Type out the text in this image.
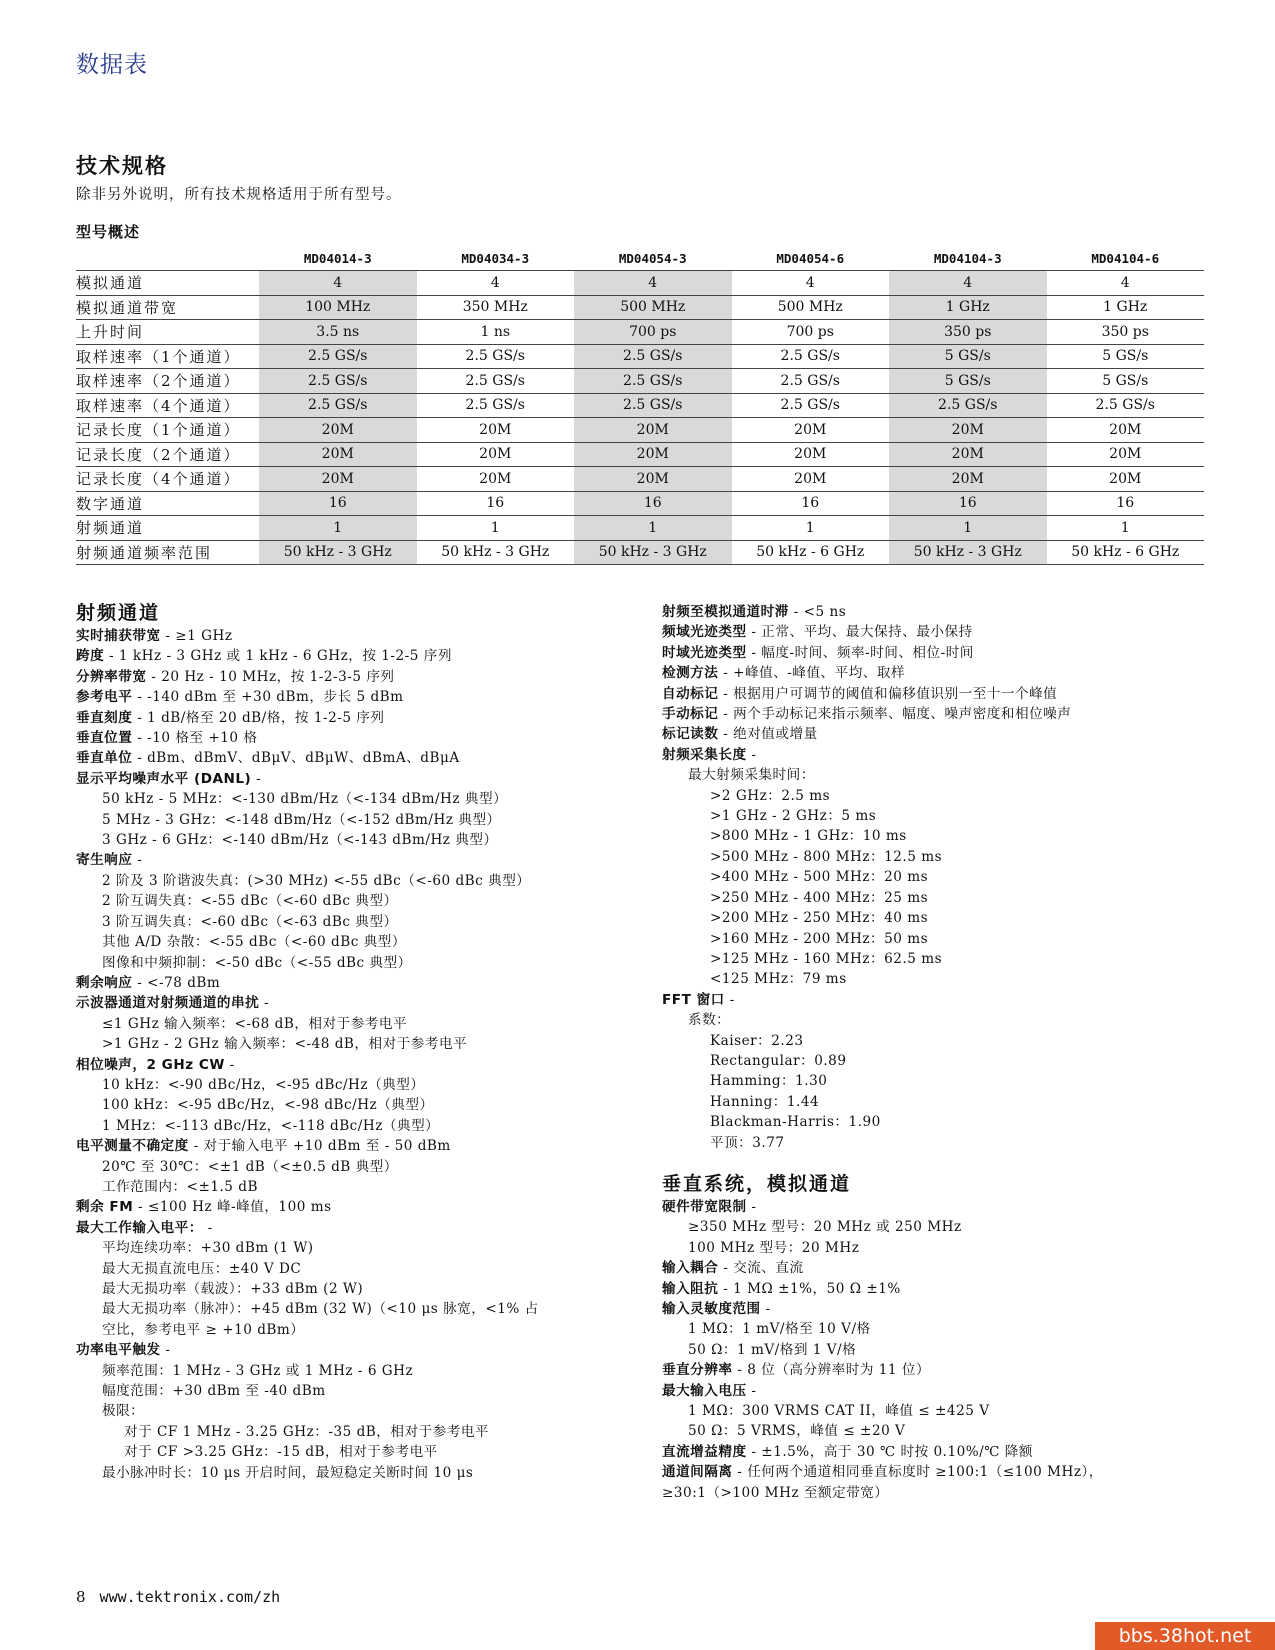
数据表
技术规格
除非另外说明，所有技术规格适用于所有型号。
型号概述
	MD04014-3	MD04034-3	MD04054-3	MD04054-6	MD04104-3	MD04104-6
模拟通道	4	4	4	4	4	4
模拟通道带宽	100 MHz	350 MHz	500 MHz	500 MHz	1 GHz	1 GHz
上升时间	3.5 ns	1 ns	700 ps	700 ps	350 ps	350 ps
取样速率（1个通道）	2.5 GS/s	2.5 GS/s	2.5 GS/s	2.5 GS/s	5 GS/s	5 GS/s
取样速率（2个通道）	2.5 GS/s	2.5 GS/s	2.5 GS/s	2.5 GS/s	5 GS/s	5 GS/s
取样速率（4个通道）	2.5 GS/s	2.5 GS/s	2.5 GS/s	2.5 GS/s	2.5 GS/s	2.5 GS/s
记录长度（1个通道）	20M	20M	20M	20M	20M	20M
记录长度（2个通道）	20M	20M	20M	20M	20M	20M
记录长度（4个通道）	20M	20M	20M	20M	20M	20M
数字通道	16	16	16	16	16	16
射频通道	1	1	1	1	1	1
射频通道频率范围	50 kHz - 3 GHz	50 kHz - 3 GHz	50 kHz - 3 GHz	50 kHz - 6 GHz	50 kHz - 3 GHz	50 kHz - 6 GHz
射频通道
实时捕获带宽 - ≥1 GHz
跨度 - 1 kHz - 3 GHz 或 1 kHz - 6 GHz，按 1-2-5 序列
分辨率带宽 - 20 Hz - 10 MHz，按 1-2-3-5 序列
参考电平 - -140 dBm 至 +30 dBm，步长 5 dBm
垂直刻度 - 1 dB/格至 20 dB/格，按 1-2-5 序列
垂直位置 - -10 格至 +10 格
垂直单位 - dBm、dBmV、dBμV、dBμW、dBmA、dBμA
显示平均噪声水平 (DANL) -
50 kHz - 5 MHz：<-130 dBm/Hz（<-134 dBm/Hz 典型）
5 MHz - 3 GHz：<-148 dBm/Hz（<-152 dBm/Hz 典型）
3 GHz - 6 GHz：<-140 dBm/Hz（<-143 dBm/Hz 典型）
寄生响应 -
2 阶及 3 阶谐波失真：(>30 MHz) <-55 dBc（<-60 dBc 典型）
2 阶互调失真：<-55 dBc（<-60 dBc 典型）
3 阶互调失真：<-60 dBc（<-63 dBc 典型）
其他 A/D 杂散：<-55 dBc（<-60 dBc 典型）
图像和中频抑制：<-50 dBc（<-55 dBc 典型）
剩余响应 - <-78 dBm
示波器通道对射频通道的串扰 -
≤1 GHz 输入频率：<-68 dB，相对于参考电平
>1 GHz - 2 GHz 输入频率：<-48 dB，相对于参考电平
相位噪声，2 GHz CW -
10 kHz：<-90 dBc/Hz，<-95 dBc/Hz（典型）
100 kHz：<-95 dBc/Hz，<-98 dBc/Hz（典型）
1 MHz：<-113 dBc/Hz，<-118 dBc/Hz（典型）
电平测量不确定度 - 对于输入电平 +10 dBm 至 - 50 dBm
20℃ 至 30℃：<±1 dB（<±0.5 dB 典型）
工作范围内：<±1.5 dB
剩余 FM - ≤100 Hz 峰-峰值，100 ms
最大工作输入电平： -
平均连续功率：+30 dBm (1 W)
最大无损直流电压：±40 V DC
最大无损功率（载波）：+33 dBm (2 W)
最大无损功率（脉冲）：+45 dBm (32 W)（<10 μs 脉宽，<1% 占
空比，参考电平 ≥ +10 dBm）
功率电平触发 -
频率范围：1 MHz - 3 GHz 或 1 MHz - 6 GHz
幅度范围：+30 dBm 至 -40 dBm
极限：
对于 CF 1 MHz - 3.25 GHz：-35 dB，相对于参考电平
对于 CF >3.25 GHz：-15 dB，相对于参考电平
最小脉冲时长：10 μs 开启时间，最短稳定关断时间 10 μs
射频至模拟通道时滞 - <5 ns
频域光迹类型 - 正常、平均、最大保持、最小保持
时域光迹类型 - 幅度-时间、频率-时间、相位-时间
检测方法 - +峰值、-峰值、平均、取样
自动标记 - 根据用户可调节的阈值和偏移值识别一至十一个峰值
手动标记 - 两个手动标记来指示频率、幅度、噪声密度和相位噪声
标记读数 - 绝对值或增量
射频采集长度 -
最大射频采集时间：
>2 GHz：2.5 ms
>1 GHz - 2 GHz：5 ms
>800 MHz - 1 GHz：10 ms
>500 MHz - 800 MHz：12.5 ms
>400 MHz - 500 MHz：20 ms
>250 MHz - 400 MHz：25 ms
>200 MHz - 250 MHz：40 ms
>160 MHz - 200 MHz：50 ms
>125 MHz - 160 MHz：62.5 ms
<125 MHz：79 ms
FFT 窗口 -
系数：
Kaiser：2.23
Rectangular：0.89
Hamming：1.30
Hanning：1.44
Blackman-Harris：1.90
平顶：3.77
垂直系统，模拟通道
硬件带宽限制 -
≥350 MHz 型号：20 MHz 或 250 MHz
100 MHz 型号：20 MHz
输入耦合 - 交流、直流
输入阻抗 - 1 MΩ ±1%，50 Ω ±1%
输入灵敏度范围 -
1 MΩ：1 mV/格至 10 V/格
50 Ω：1 mV/格到 1 V/格
垂直分辨率 - 8 位（高分辨率时为 11 位）
最大输入电压 -
1 MΩ：300 VRMS CAT II，峰值 ≤ ±425 V
50 Ω：5 VRMS，峰值 ≤ ±20 V
直流增益精度 - ±1.5%，高于 30 ℃ 时按 0.10%/℃ 降额
通道间隔离 - 任何两个通道相同垂直标度时 ≥100:1（≤100 MHz），
≥30:1（>100 MHz 至额定带宽）
8 www.tektronix.com/zh
bbs.38hot.net
